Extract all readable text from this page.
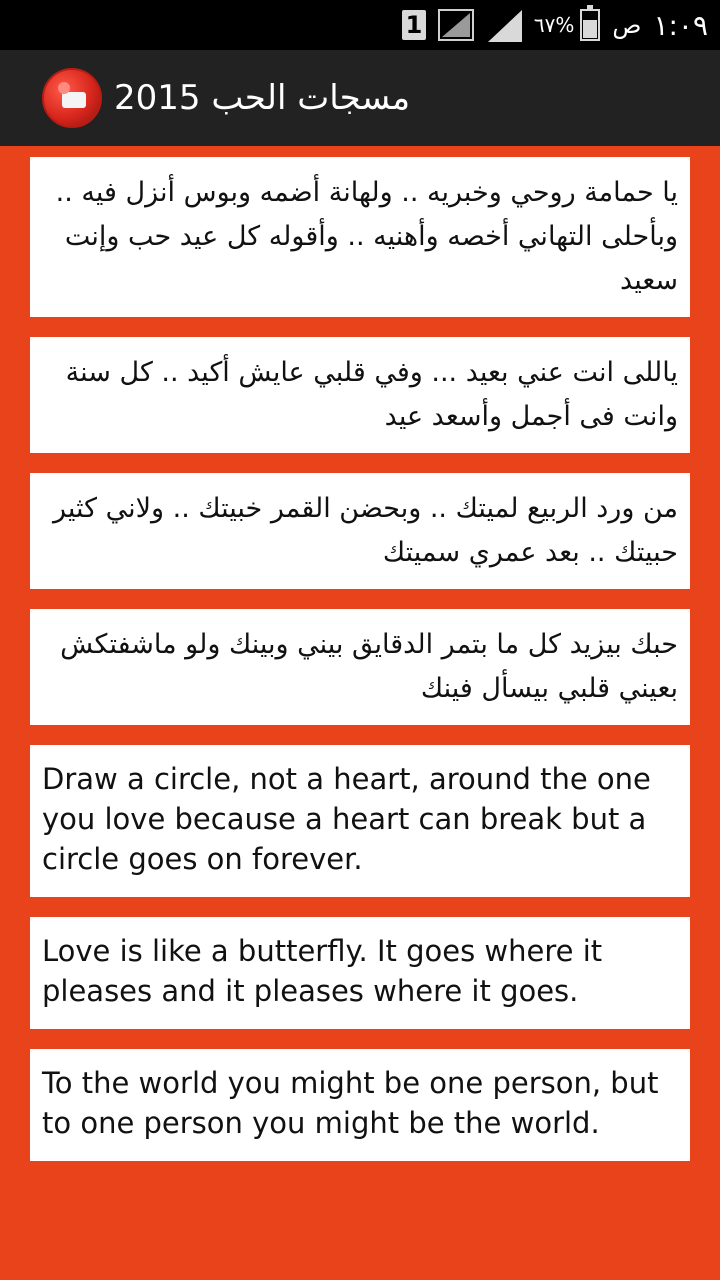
1	٦٧% ص ١:٠٩
مسجات الحب 2015
يا حمامة روحي وخبريه .. ولهانة أضمه وبوس أنزل فيه .. وبأحلى التهاني أخصه وأهنيه .. وأقوله كل عيد حب وإنت سعيد
ياللى انت عني بعيد ... وفي قلبي عايش أكيد .. كل سنة وانت فى أجمل وأسعد عيد
من ورد الربيع لميتك .. وبحضن القمر خبيتك .. ولاني كثير حبيتك .. بعد عمري سميتك
حبك بيزيد كل ما بتمر الدقايق بيني وبينك ولو ماشفتكش بعيني قلبي بيسأل فينك
Draw a circle, not a heart, around the one you love because a heart can break but a circle goes on forever.
Love is like a butterfly. It goes where it pleases and it pleases where it goes.
To the world you might be one person, but to one person you might be the world.
